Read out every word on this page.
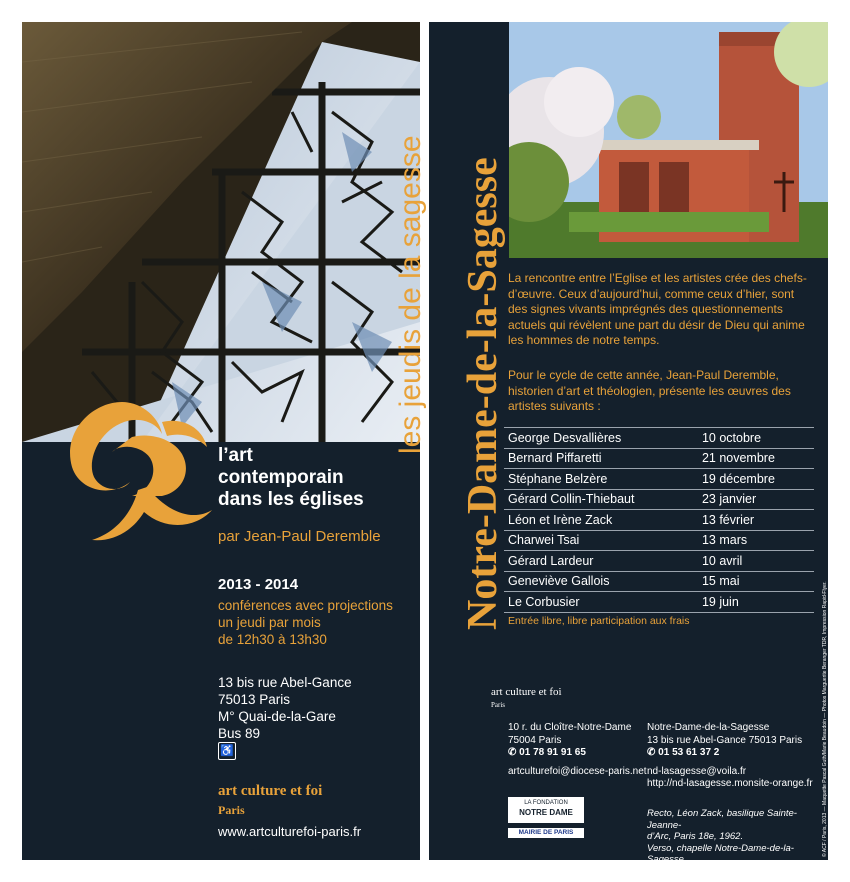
les jeudis de la sagesse
l’art
contemporain
dans les églises
par Jean-Paul Deremble
2013 - 2014
conférences avec projections
un jeudi par mois
de 12h30 à 13h30
13 bis rue Abel-Gance
75013 Paris
M° Quai-de-la-Gare
Bus 89
♿
art culture et foi
Paris
www.artculturefoi-paris.fr
Notre-Dame-de-la-Sagesse La rencontre entre l’Eglise et les artistes crée des chefs-d’œuvre. Ceux d’aujourd’hui, comme ceux d’hier, sont des signes vivants imprégnés des questionnements actuels qui révèlent une part du désir de Dieu qui anime les hommes de notre temps.
Pour le cycle de cette année, Jean-Paul Deremble, historien d’art et théologien, présente les œuvres des artistes suivants :
George Desvallières	10 octobre
Bernard Piffaretti	21 novembre
Stéphane Belzère	19 décembre
Gérard Collin-Thiebaut	23 janvier
Léon et Irène Zack	13 février
Charwei Tsai	13 mars
Gérard Lardeur	10 avril
Geneviève Gallois	15 mai
Le Corbusier	19 juin
Entrée libre, libre participation aux frais
art culture et foi
Paris
10 r. du Cloître-Notre-Dame
75004 Paris
✆ 01 78 91 91 65
artculturefoi@diocese-paris.net
Notre-Dame-de-la-Sagesse
13 bis rue Abel-Gance 75013 Paris
✆ 01 53 61 37 2
nd-lasagesse@voila.fr
http://nd-lasagesse.monsite-orange.fr
LA FONDATION
NOTRE DAME
MAIRIE DE PARIS
Recto, Léon Zack, basilique Sainte-Jeanne-
d’Arc, Paris 18e, 1962.
Verso, chapelle Notre-Dame-de-la-Sagesse.
© ACF / Paris, 2013 — Maquette Pascal Guth/Marie Beaudoin — Photos Marguerite Beranger TDR, Impression Rapid-Flyer.
